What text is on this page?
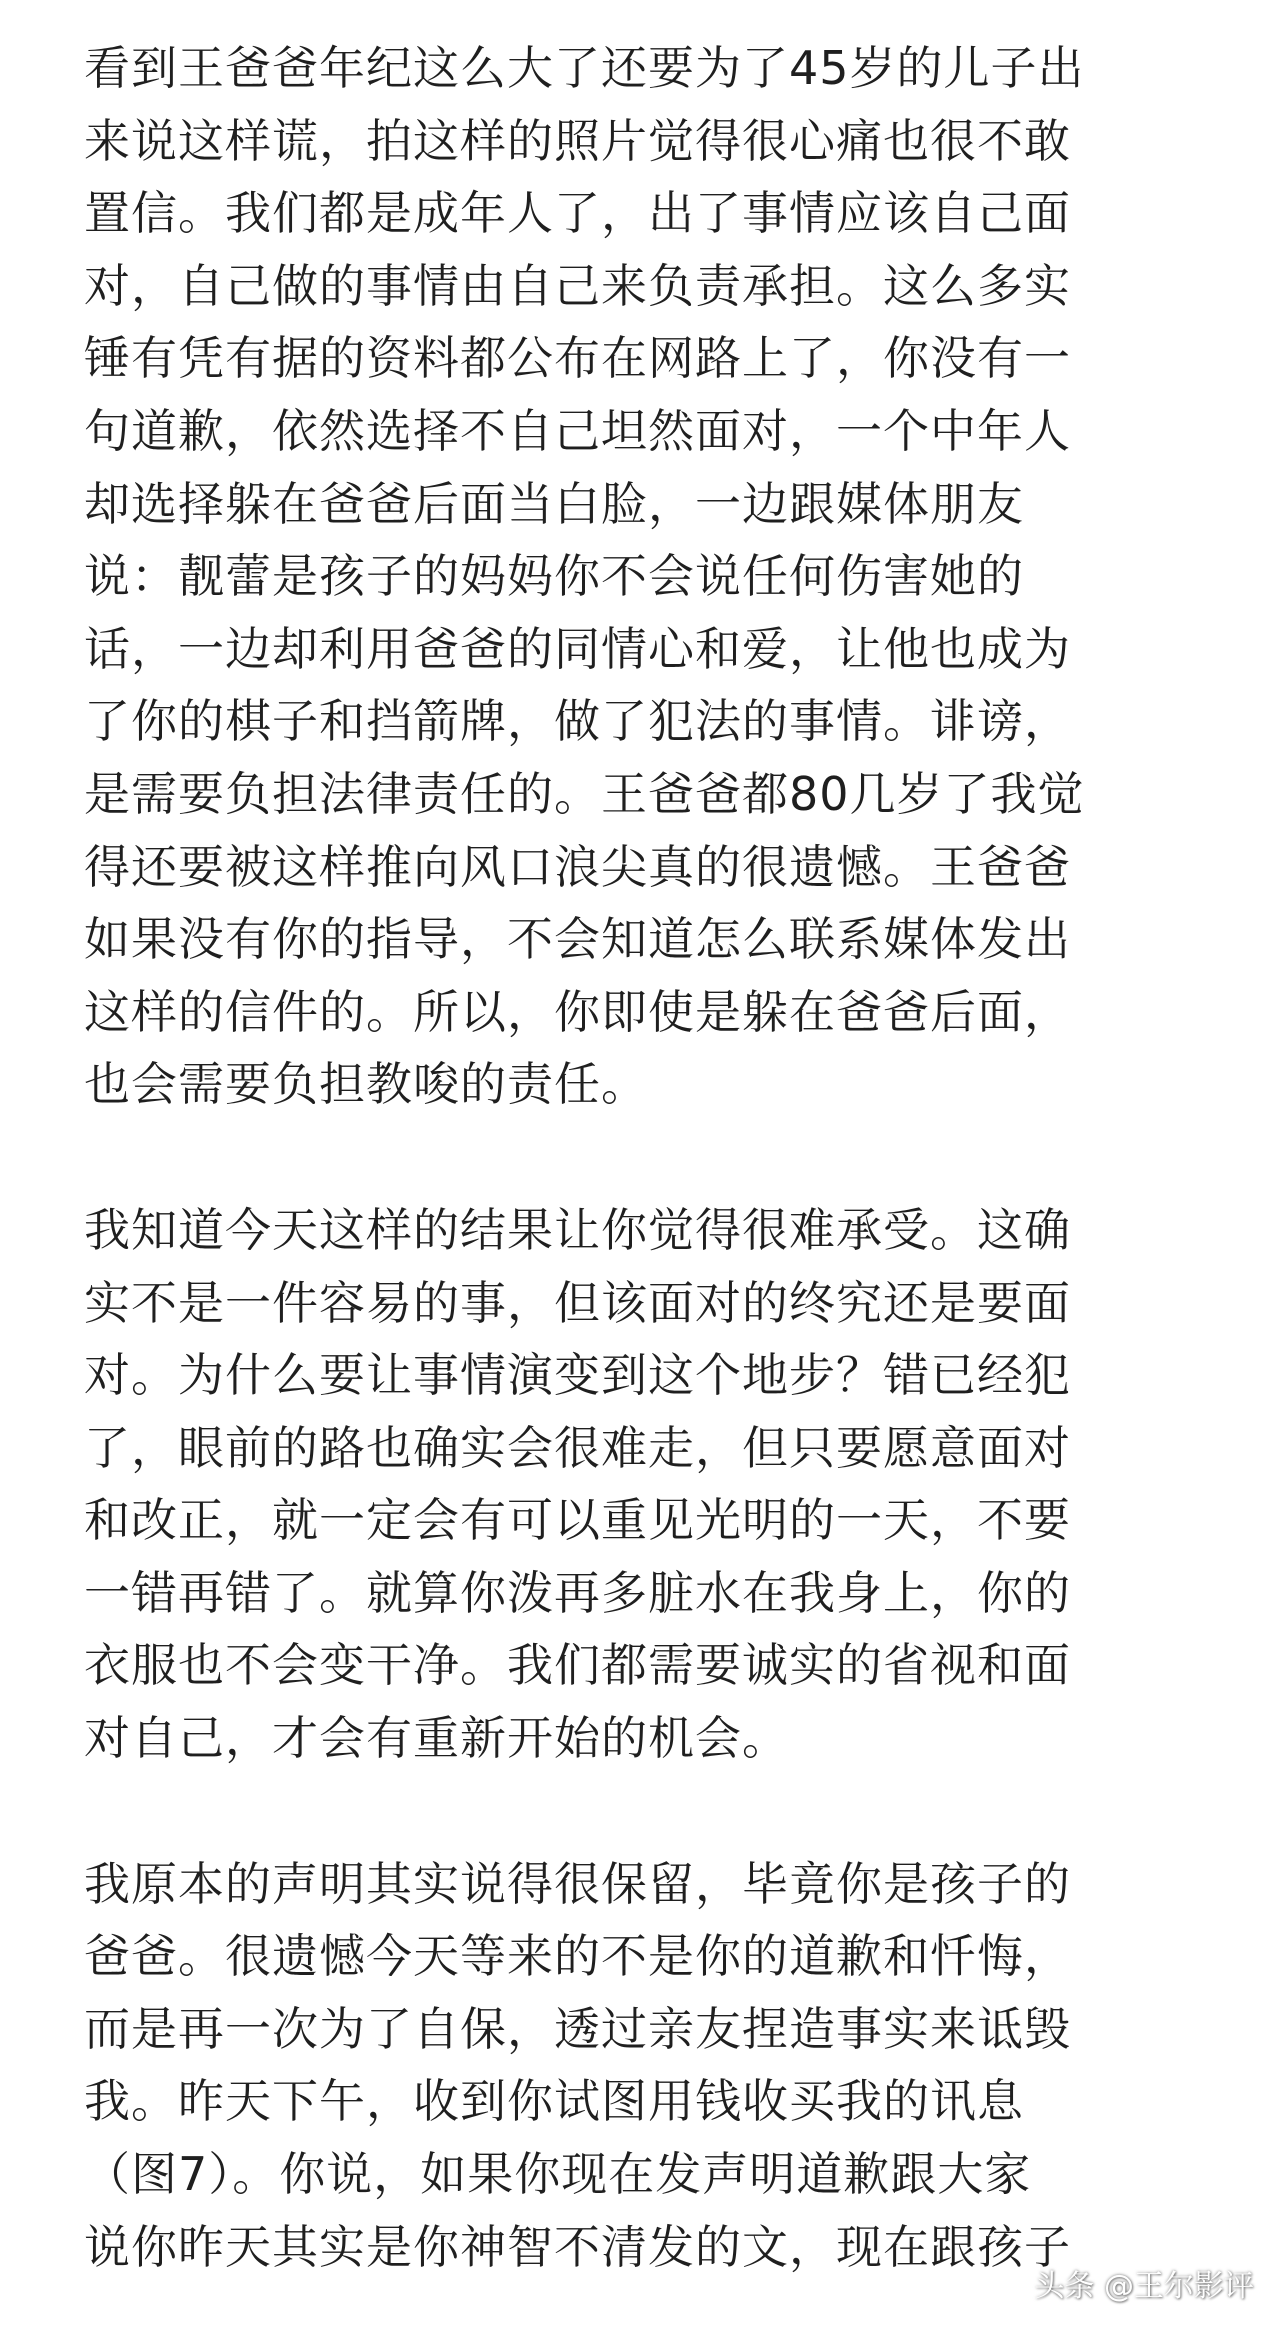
看到王爸爸年纪这么大了还要为了45岁的儿子出
来说这样谎，拍这样的照片觉得很心痛也很不敢
置信。我们都是成年人了，出了事情应该自己面
对，自己做的事情由自己来负责承担。这么多实
锤有凭有据的资料都公布在网路上了，你没有一
句道歉，依然选择不自己坦然面对，一个中年人
却选择躲在爸爸后面当白脸，一边跟媒体朋友
说：靓蕾是孩子的妈妈你不会说任何伤害她的
话，一边却利用爸爸的同情心和爱，让他也成为
了你的棋子和挡箭牌，做了犯法的事情。诽谤，
是需要负担法律责任的。王爸爸都80几岁了我觉
得还要被这样推向风口浪尖真的很遗憾。王爸爸
如果没有你的指导，不会知道怎么联系媒体发出
这样的信件的。所以，你即使是躲在爸爸后面，
也会需要负担教唆的责任。
我知道今天这样的结果让你觉得很难承受。这确
实不是一件容易的事，但该面对的终究还是要面
对。为什么要让事情演变到这个地步？错已经犯
了，眼前的路也确实会很难走，但只要愿意面对
和改正，就一定会有可以重见光明的一天，不要
一错再错了。就算你泼再多脏水在我身上，你的
衣服也不会变干净。我们都需要诚实的省视和面
对自己，才会有重新开始的机会。
我原本的声明其实说得很保留，毕竟你是孩子的
爸爸。很遗憾今天等来的不是你的道歉和忏悔，
而是再一次为了自保，透过亲友捏造事实来诋毁
我。昨天下午，收到你试图用钱收买我的讯息
（图7）。你说，如果你现在发声明道歉跟大家
说你昨天其实是你神智不清发的文，现在跟孩子
头条 @王尔影评
